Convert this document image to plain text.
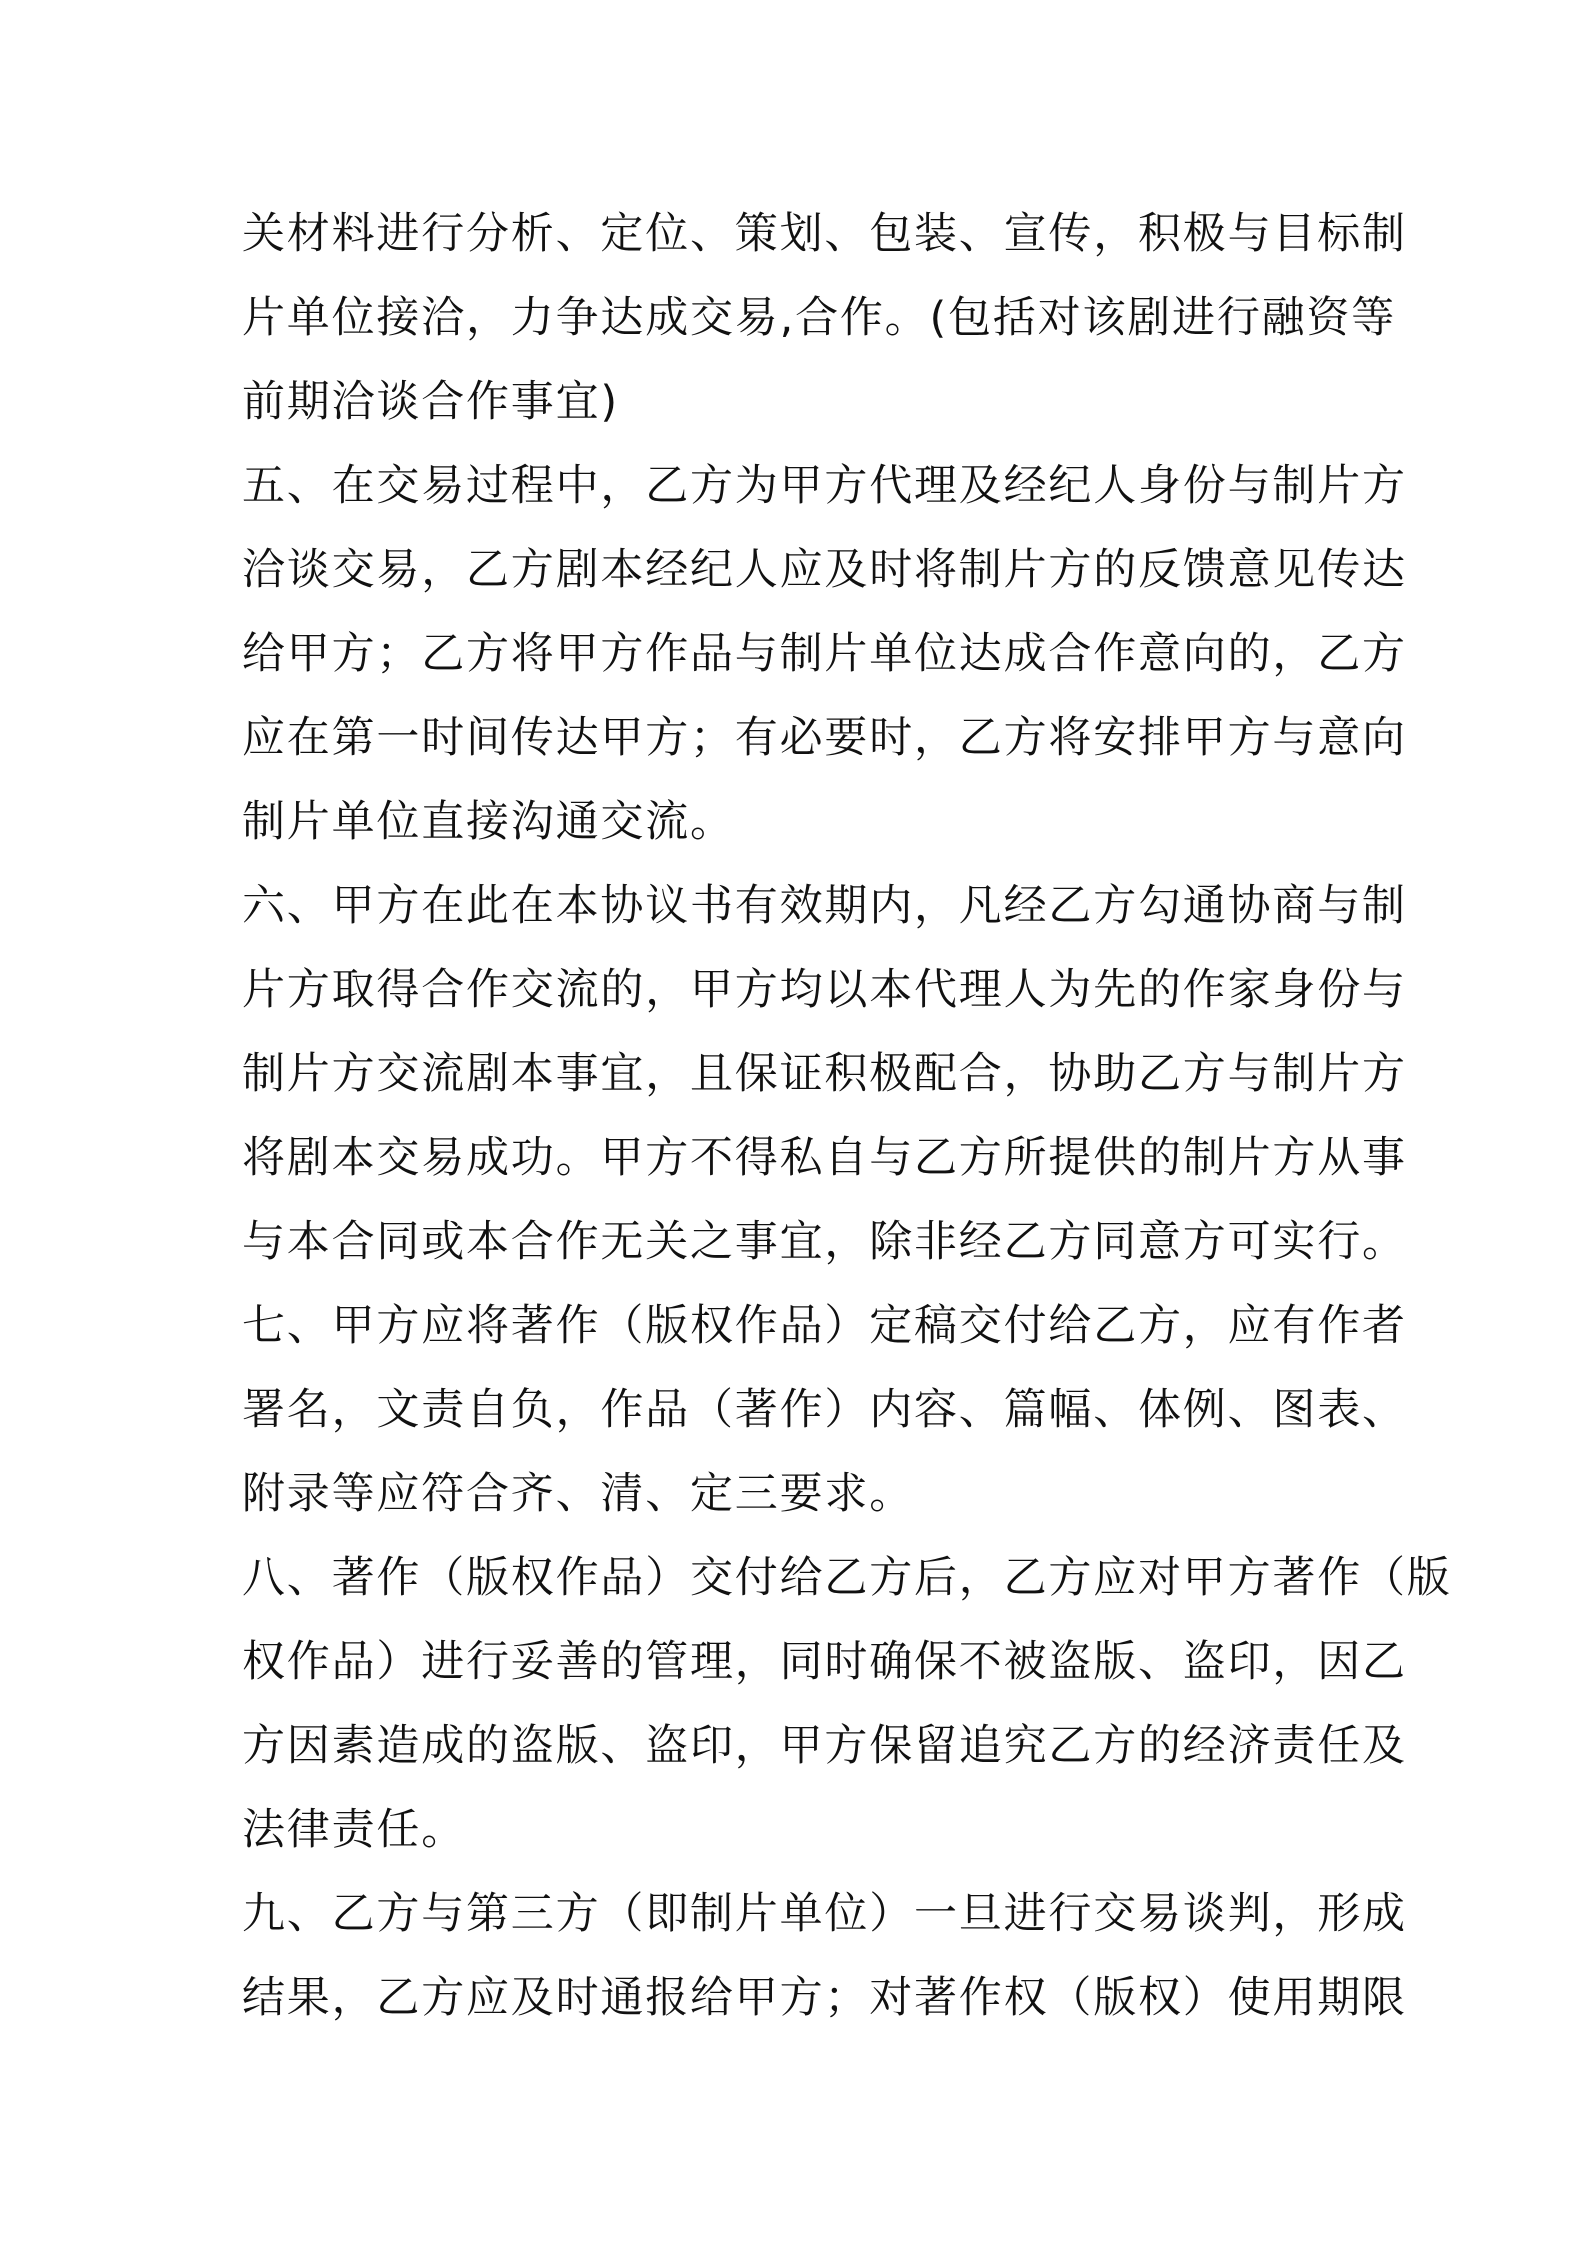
关材料进行分析、定位、策划、包装、宣传，积极与目标制
片单位接洽，力争达成交易,合作。(包括对该剧进行融资等
前期洽谈合作事宜)
五、在交易过程中，乙方为甲方代理及经纪人身份与制片方
洽谈交易，乙方剧本经纪人应及时将制片方的反馈意见传达
给甲方；乙方将甲方作品与制片单位达成合作意向的，乙方
应在第一时间传达甲方；有必要时，乙方将安排甲方与意向
制片单位直接沟通交流。
六、甲方在此在本协议书有效期内，凡经乙方勾通协商与制
片方取得合作交流的，甲方均以本代理人为先的作家身份与
制片方交流剧本事宜，且保证积极配合，协助乙方与制片方
将剧本交易成功。甲方不得私自与乙方所提供的制片方从事
与本合同或本合作无关之事宜，除非经乙方同意方可实行。
七、甲方应将著作（版权作品）定稿交付给乙方，应有作者
署名，文责自负，作品（著作）内容、篇幅、体例、图表、
附录等应符合齐、清、定三要求。
八、著作（版权作品）交付给乙方后，乙方应对甲方著作（版
权作品）进行妥善的管理，同时确保不被盗版、盗印，因乙
方因素造成的盗版、盗印，甲方保留追究乙方的经济责任及
法律责任。
九、乙方与第三方（即制片单位）一旦进行交易谈判，形成
结果，乙方应及时通报给甲方；对著作权（版权）使用期限
